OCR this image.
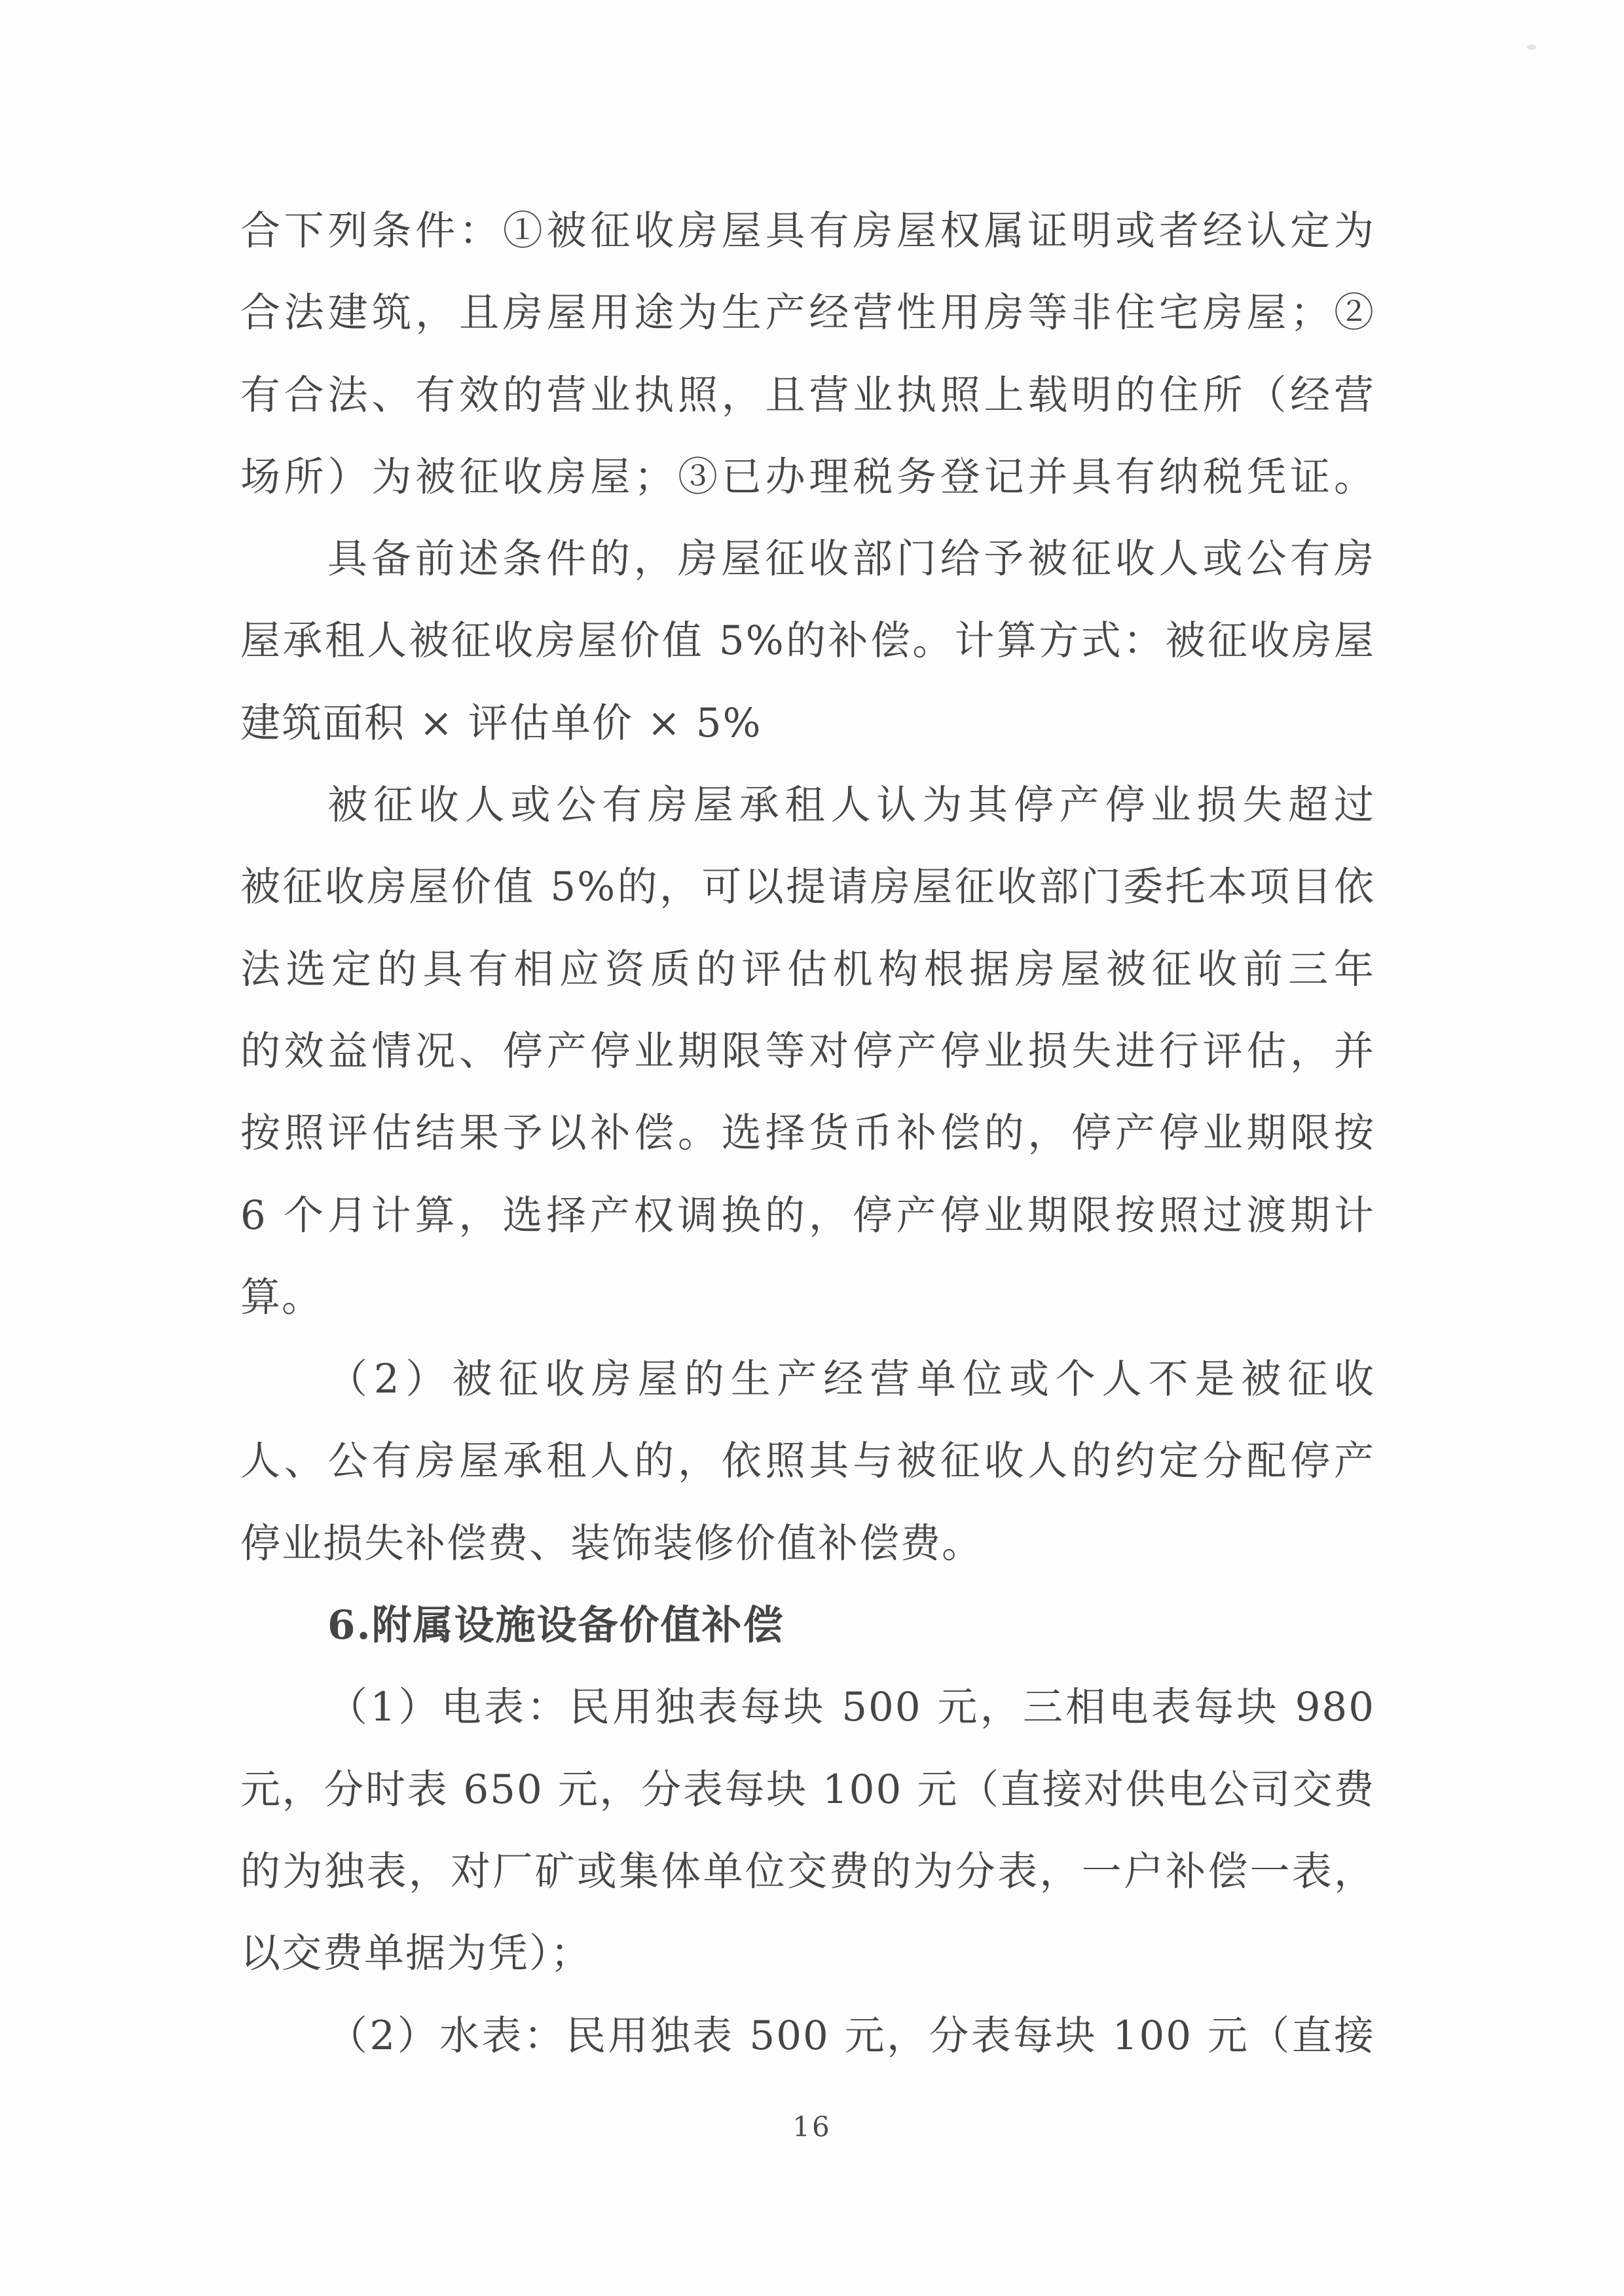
合下列条件：①被征收房屋具有房屋权属证明或者经认定为
合法建筑，且房屋用途为生产经营性用房等非住宅房屋；②
有合法、有效的营业执照，且营业执照上载明的住所（经营
场所）为被征收房屋；③已办理税务登记并具有纳税凭证。
具备前述条件的，房屋征收部门给予被征收人或公有房
屋承租人被征收房屋价值 5%的补偿。计算方式：被征收房屋
建筑面积 × 评估单价 × 5%
被征收人或公有房屋承租人认为其停产停业损失超过
被征收房屋价值 5%的，可以提请房屋征收部门委托本项目依
法选定的具有相应资质的评估机构根据房屋被征收前三年
的效益情况、停产停业期限等对停产停业损失进行评估，并
按照评估结果予以补偿。选择货币补偿的，停产停业期限按
6 个月计算，选择产权调换的，停产停业期限按照过渡期计
算。
（2）被征收房屋的生产经营单位或个人不是被征收
人、公有房屋承租人的，依照其与被征收人的约定分配停产
停业损失补偿费、装饰装修价值补偿费。
6.附属设施设备价值补偿
（1）电表：民用独表每块 500 元，三相电表每块 980
元，分时表 650 元，分表每块 100 元（直接对供电公司交费
的为独表，对厂矿或集体单位交费的为分表，一户补偿一表，
以交费单据为凭）；
（2）水表：民用独表 500 元，分表每块 100 元（直接
16
